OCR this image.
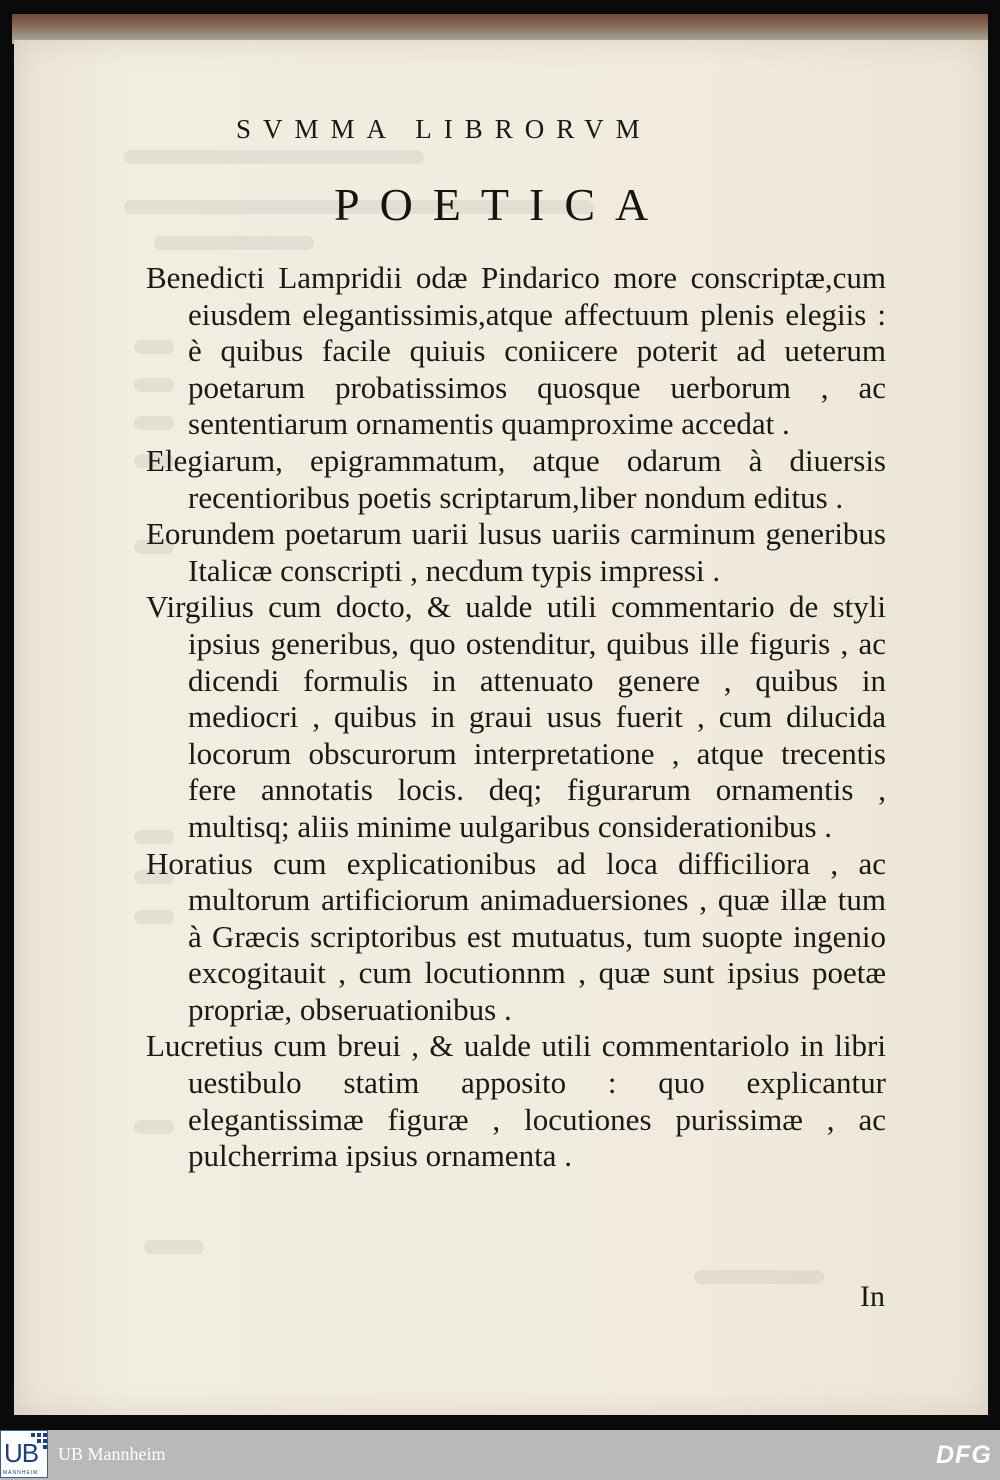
SVMMA LIBRORVM
POETICA

Benedicti Lampridii odæ Pindarico more conscriptæ,cum eiusdem elegantissimis,atque affectuum plenis elegiis : è quibus facile quiuis coniicere poterit ad ueterum poetarum probatissimos quosque uerborum , ac sententiarum ornamentis quamproxime accedat .

Elegiarum, epigrammatum, atque odarum à diuersis recentioribus poetis scriptarum,liber nondum editus .

Eorundem poetarum uarii lusus uariis carminum generibus Italicæ conscripti , necdum typis impressi .

Virgilius cum docto, & ualde utili commentario de styli ipsius generibus, quo ostenditur, quibus ille figuris , ac dicendi formulis in attenuato genere , quibus in mediocri , quibus in graui usus fuerit , cum dilucida locorum obscurorum interpretatione , atque trecentis fere annotatis locis. deq; figurarum ornamentis , multisq; aliis minime uulgaribus considerationibus .

Horatius cum explicationibus ad loca difficiliora , ac multorum artificiorum animaduersiones , quæ illæ tum à Græcis scriptoribus est mutuatus, tum suopte ingenio excogitauit , cum locutionnm , quæ sunt ipsius poetæ propriæ, obseruationibus .

Lucretius cum breui , & ualde utili commentariolo in libri uestibulo statim apposito : quo explicantur elegantissimæ figuræ , locutiones purissimæ , ac pulcherrima ipsius ornamenta .

In
UB
MANNHEIM
UB Mannheim	DFG
